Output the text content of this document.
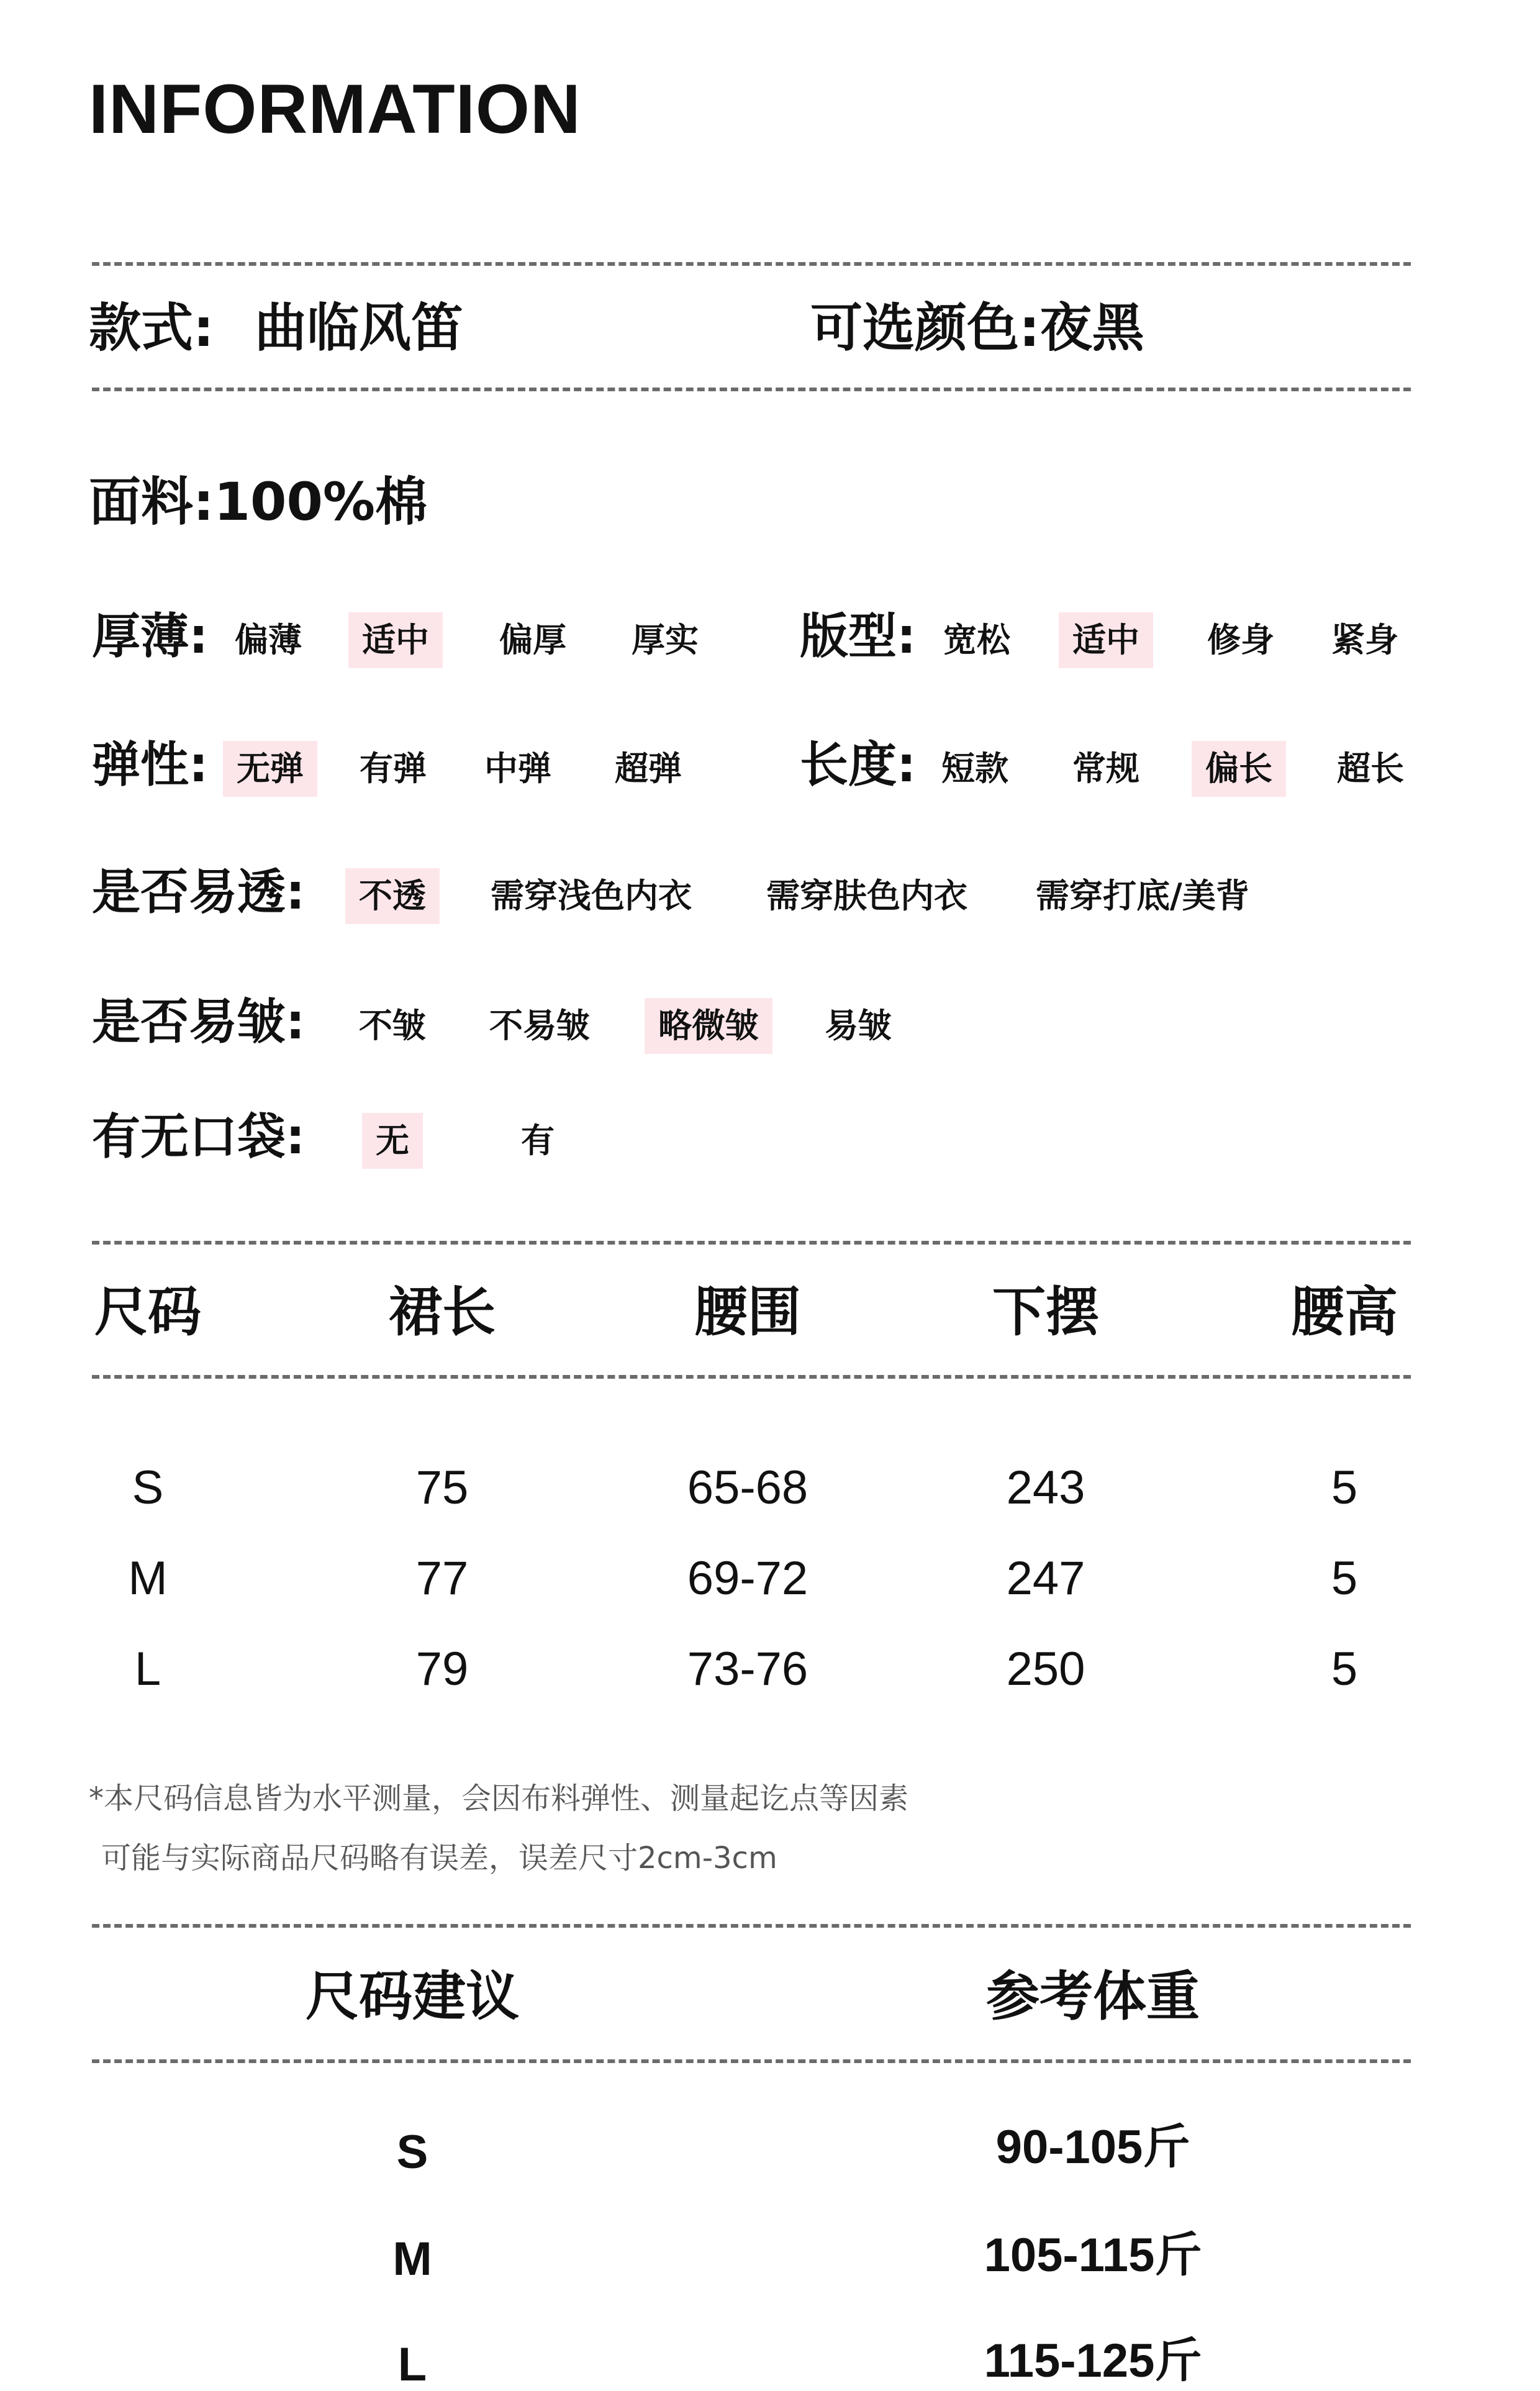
INFORMATION
款式: 曲临风笛	可选颜色:夜黑
面料:100%棉
厚薄: 偏薄	适中	偏厚	厚实 版型: 宽松	适中	修身	紧身
弹性: 无弹	有弹	中弹	超弹 长度: 短款	常规	偏长	超长
是否易透:	不透	需穿浅色内衣	需穿肤色内衣	需穿打底/美背
是否易皱:	不皱	不易皱	略微皱	易皱
有无口袋:	无	有
尺码	裙长	腰围	下摆	腰高
S	75	65-68	243	5
M	77	69-72	247	5
L	79	73-76	250	5
*本尺码信息皆为水平测量，会因布料弹性、测量起讫点等因素
可能与实际商品尺码略有误差，误差尺寸2cm-3cm
尺码建议	参考体重
S	90-105斤
M	105-115斤
L	115-125斤
